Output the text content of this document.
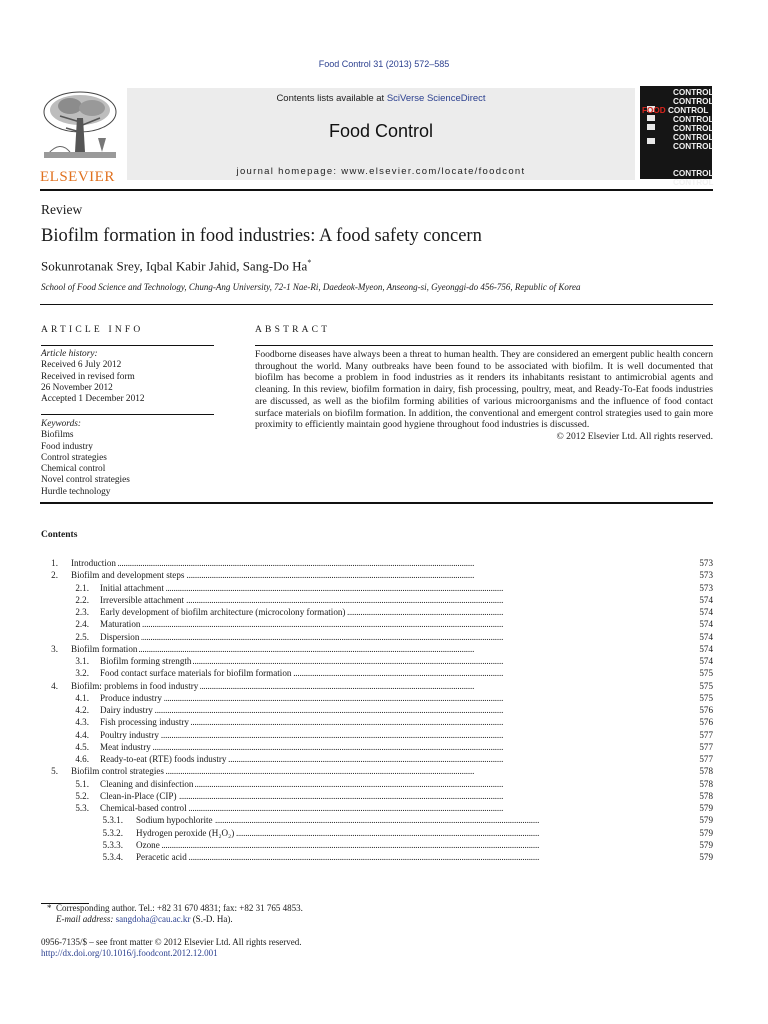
Food Control 31 (2013) 572–585
ELSEVIER
Contents lists available at SciVerse ScienceDirect
Food Control
journal homepage: www.elsevier.com/locate/foodcont
CONTROL
CONTROL
FOOD CONTROL
CONTROL
CONTROL
CONTROL
CONTROL
CONTROL
CONTROL
Review
Biofilm formation in food industries: A food safety concern
Sokunrotanak Srey, Iqbal Kabir Jahid, Sang-Do Ha*
School of Food Science and Technology, Chung-Ang University, 72-1 Nae-Ri, Daedeok-Myeon, Anseong-si, Gyeonggi-do 456-756, Republic of Korea
ARTICLE INFO
Article history:
Received 6 July 2012
Received in revised form
26 November 2012
Accepted 1 December 2012
Keywords:
Biofilms
Food industry
Control strategies
Chemical control
Novel control strategies
Hurdle technology
ABSTRACT
Foodborne diseases have always been a threat to human health. They are considered an emergent public health concern throughout the world. Many outbreaks have been found to be associated with biofilm. It is well documented that biofilm has become a problem in food industries as it renders its inhabitants resistant to antimicrobial agents and cleaning. In this review, biofilm formation in dairy, fish processing, poultry, meat, and Ready-To-Eat foods industries are discussed, as well as the biofilm forming abilities of various microorganisms and the influence of food contact surface materials on biofilm formation. In addition, the conventional and emergent control strategies used to gain more proximity to efficiently maintain good hygiene throughout food industries is discussed.
© 2012 Elsevier Ltd. All rights reserved.
Contents
. . .
1. Introduction	573
. . .
2. Biofilm and development steps	573
. . .
2.1. Initial attachment	573
. . .
2.2. Irreversible attachment	574
. . .
2.3. Early development of biofilm architecture (microcolony formation)	574
. . .
2.4. Maturation	574
. . .
2.5. Dispersion	574
. . .
3. Biofilm formation	574
. . .
3.1. Biofilm forming strength	574
. . .
3.2. Food contact surface materials for biofilm formation	575
. . .
4. Biofilm: problems in food industry	575
. . .
4.1. Produce industry	575
. . .
4.2. Dairy industry	576
. . .
4.3. Fish processing industry	576
. . .
4.4. Poultry industry	577
. . .
4.5. Meat industry	577
. . .
4.6. Ready-to-eat (RTE) foods industry	577
. . .
5. Biofilm control strategies	578
. . .
5.1. Cleaning and disinfection	578
. . .
5.2. Clean-in-Place (CIP)	578
. . .
5.3. Chemical-based control	579
. . .
5.3.1. Sodium hypochlorite	579
. . .
5.3.2. Hydrogen peroxide (H₂O₂)	579
. . .
5.3.3. Ozone	579
. . .
5.3.4. Peracetic acid	579
* Corresponding author. Tel.: +82 31 670 4831; fax: +82 31 765 4853.
E-mail address: sangdoha@cau.ac.kr (S.-D. Ha).
0956-7135/$ – see front matter © 2012 Elsevier Ltd. All rights reserved.
http://dx.doi.org/10.1016/j.foodcont.2012.12.001
